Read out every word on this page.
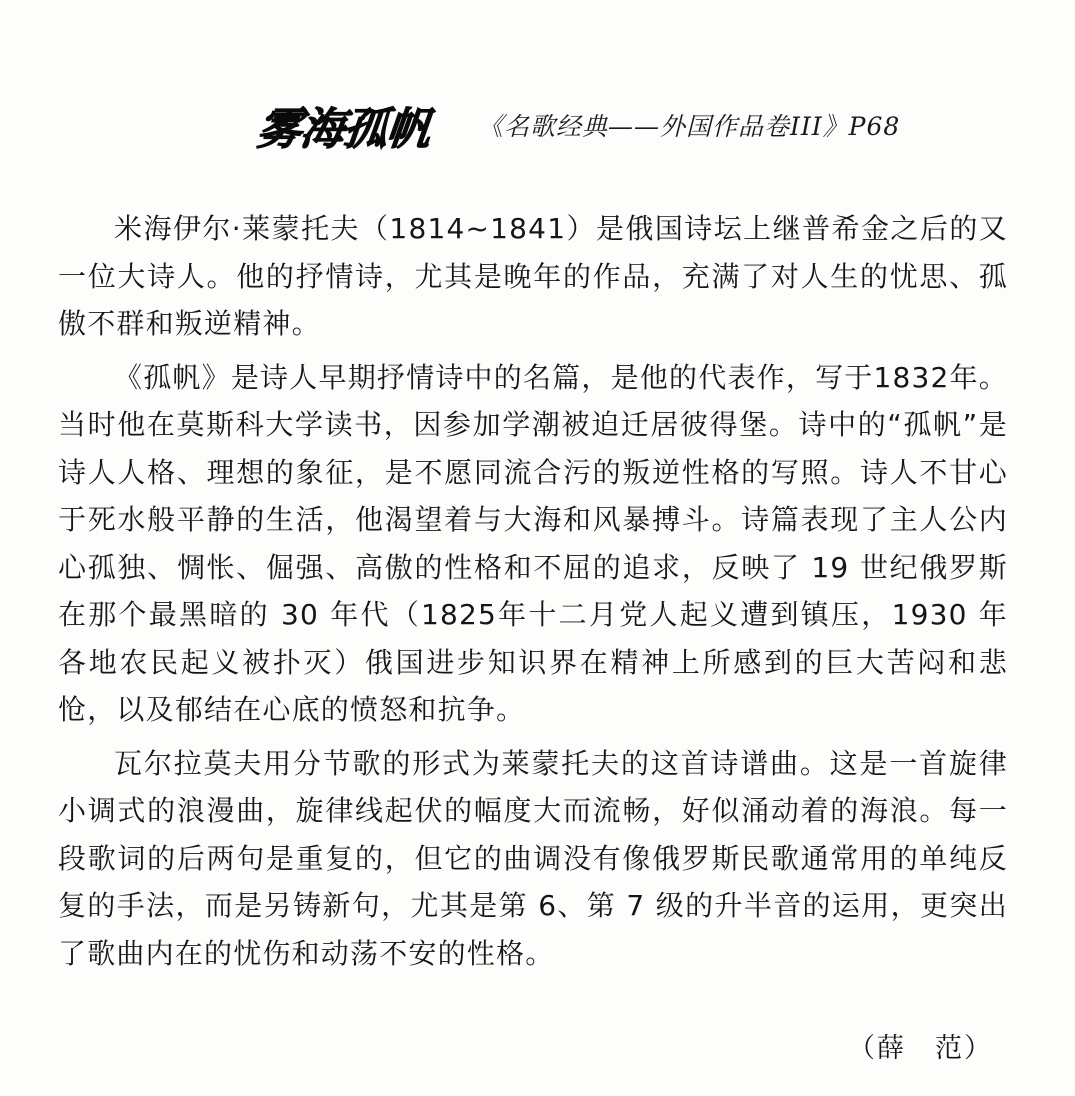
雾海孤帆 《名歌经典——外国作品卷III》P68

米海伊尔·莱蒙托夫（1814~1841）是俄国诗坛上继普希金之后的又一位大诗人。他的抒情诗，尤其是晚年的作品，充满了对人生的忧思、孤傲不群和叛逆精神。

《孤帆》是诗人早期抒情诗中的名篇，是他的代表作，写于1832年。当时他在莫斯科大学读书，因参加学潮被迫迁居彼得堡。诗中的“孤帆”是诗人人格、理想的象征，是不愿同流合污的叛逆性格的写照。诗人不甘心于死水般平静的生活，他渴望着与大海和风暴搏斗。诗篇表现了主人公内心孤独、惆怅、倔强、高傲的性格和不屈的追求，反映了 19 世纪俄罗斯在那个最黑暗的 30 年代（1825年十二月党人起义遭到镇压，1930 年各地农民起义被扑灭）俄国进步知识界在精神上所感到的巨大苦闷和悲怆，以及郁结在心底的愤怒和抗争。

瓦尔拉莫夫用分节歌的形式为莱蒙托夫的这首诗谱曲。这是一首旋律小调式的浪漫曲，旋律线起伏的幅度大而流畅，好似涌动着的海浪。每一段歌词的后两句是重复的，但它的曲调没有像俄罗斯民歌通常用的单纯反复的手法，而是另铸新句，尤其是第 6、第 7 级的升半音的运用，更突出了歌曲内在的忧伤和动荡不安的性格。

（薛　范）
